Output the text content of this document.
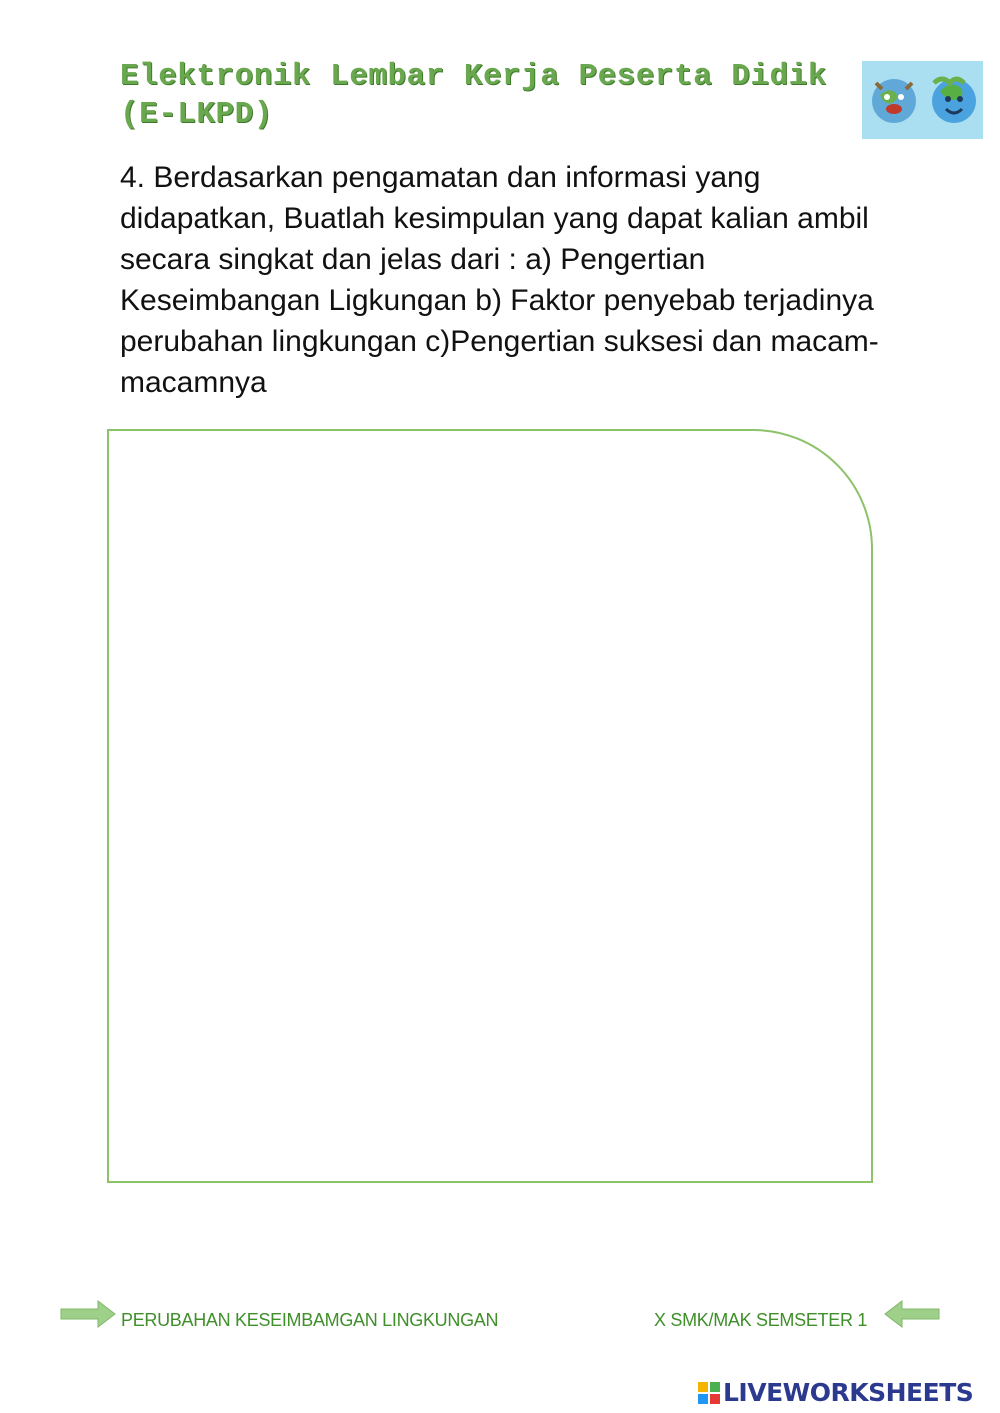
Elektronik Lembar Kerja Peserta Didik
(E-LKPD)
4. Berdasarkan pengamatan dan informasi yang didapatkan, Buatlah kesimpulan yang dapat kalian ambil secara singkat dan jelas dari : a) Pengertian Keseimbangan Ligkungan b) Faktor penyebab terjadinya perubahan lingkungan c)Pengertian suksesi dan macam-macamnya
PERUBAHAN KESEIMBAMGAN LINGKUNGAN	X SMK/MAK SEMSETER 1
LIVEWORKSHEETS
